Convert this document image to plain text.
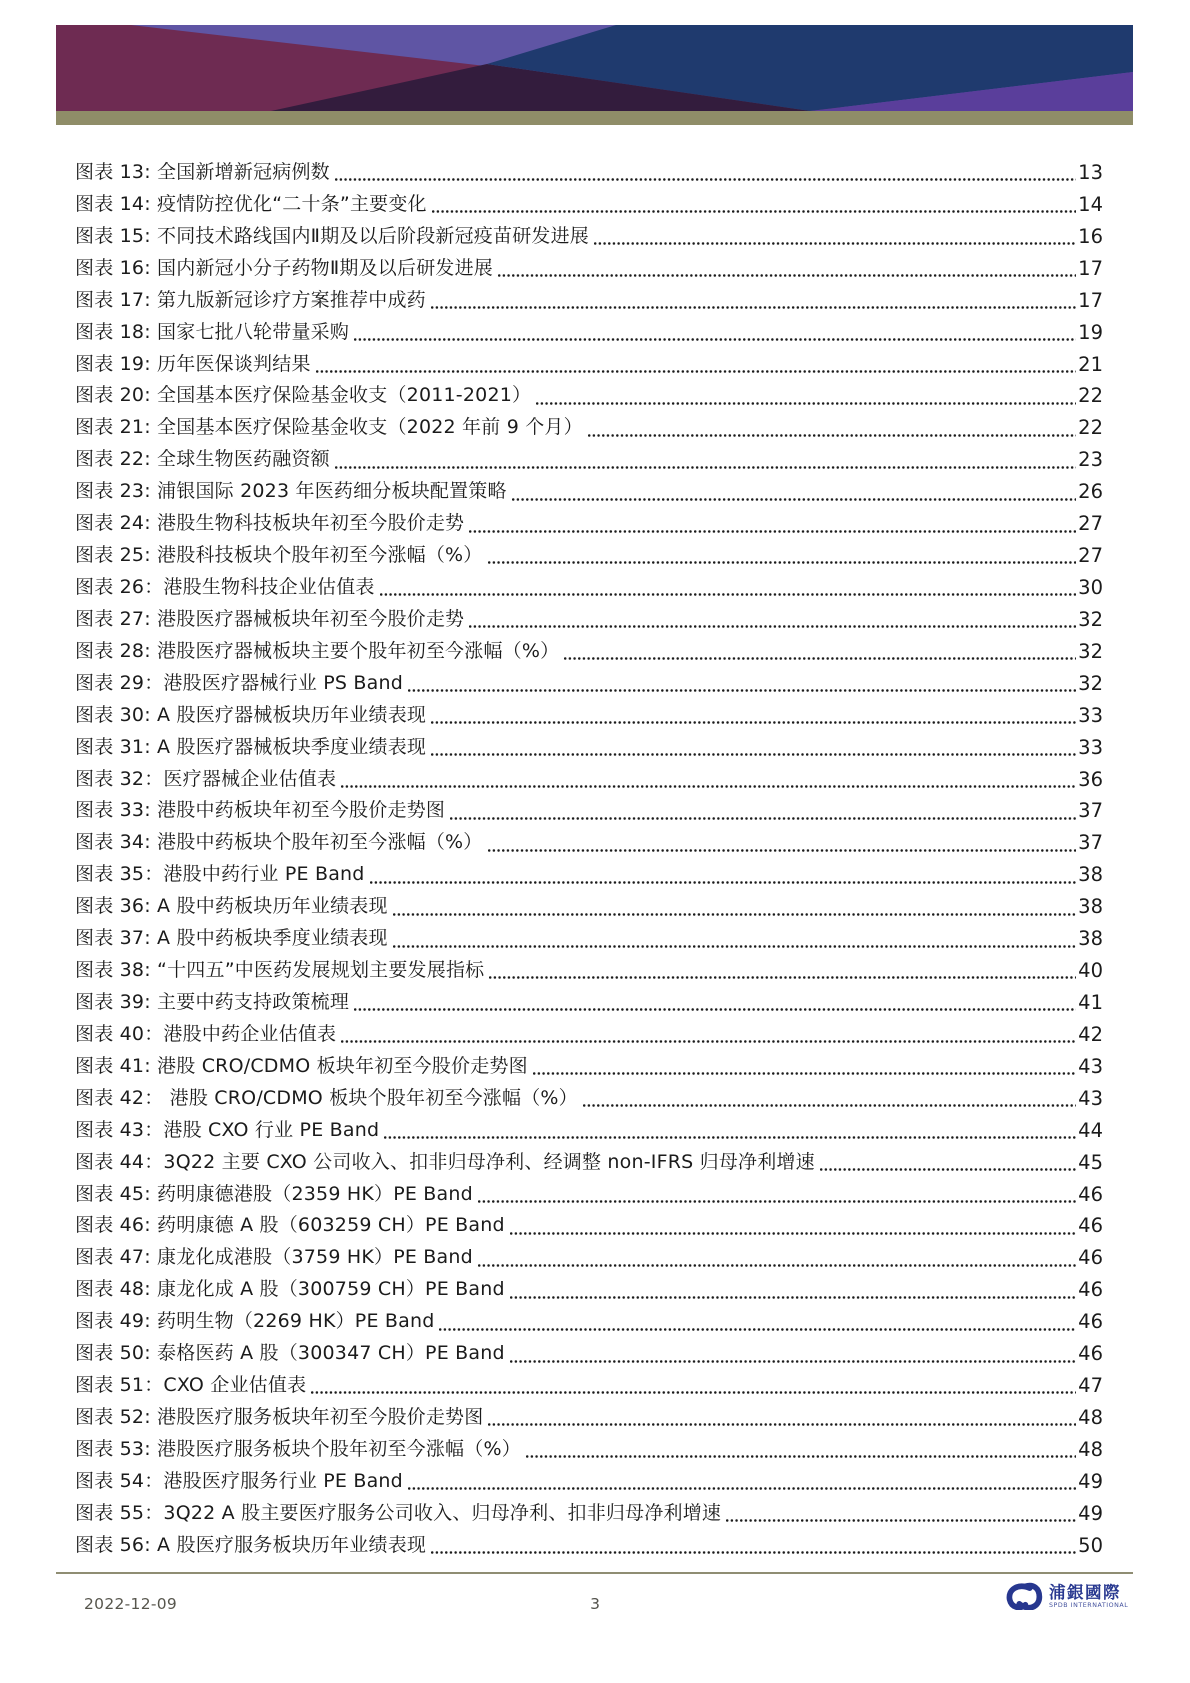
图表 13: 全国新增新冠病例数	13
图表 14: 疫情防控优化“二十条”主要变化	14
图表 15: 不同技术路线国内Ⅱ期及以后阶段新冠疫苗研发进展	16
图表 16: 国内新冠小分子药物Ⅱ期及以后研发进展	17
图表 17: 第九版新冠诊疗方案推荐中成药	17
图表 18: 国家七批八轮带量采购	19
图表 19: 历年医保谈判结果	21
图表 20: 全国基本医疗保险基金收支（2011-2021）	22
图表 21: 全国基本医疗保险基金收支（2022 年前 9 个月）	22
图表 22: 全球生物医药融资额	23
图表 23: 浦银国际 2023 年医药细分板块配置策略	26
图表 24: 港股生物科技板块年初至今股价走势	27
图表 25: 港股科技板块个股年初至今涨幅（%）	27
图表 26：港股生物科技企业估值表	30
图表 27: 港股医疗器械板块年初至今股价走势	32
图表 28: 港股医疗器械板块主要个股年初至今涨幅（%）	32
图表 29：港股医疗器械行业 PS Band	32
图表 30: A 股医疗器械板块历年业绩表现	33
图表 31: A 股医疗器械板块季度业绩表现	33
图表 32：医疗器械企业估值表	36
图表 33: 港股中药板块年初至今股价走势图	37
图表 34: 港股中药板块个股年初至今涨幅（%）	37
图表 35：港股中药行业 PE Band	38
图表 36: A 股中药板块历年业绩表现	38
图表 37: A 股中药板块季度业绩表现	38
图表 38: “十四五”中医药发展规划主要发展指标	40
图表 39: 主要中药支持政策梳理	41
图表 40：港股中药企业估值表	42
图表 41: 港股 CRO/CDMO 板块年初至今股价走势图	43
图表 42： 港股 CRO/CDMO 板块个股年初至今涨幅（%）	43
图表 43：港股 CXO 行业 PE Band	44
图表 44：3Q22 主要 CXO 公司收入、扣非归母净利、经调整 non-IFRS 归母净利增速	45
图表 45: 药明康德港股（2359 HK）PE Band	46
图表 46: 药明康德 A 股（603259 CH）PE Band	46
图表 47: 康龙化成港股（3759 HK）PE Band	46
图表 48: 康龙化成 A 股（300759 CH）PE Band	46
图表 49: 药明生物（2269 HK）PE Band	46
图表 50: 泰格医药 A 股（300347 CH）PE Band	46
图表 51：CXO 企业估值表	47
图表 52: 港股医疗服务板块年初至今股价走势图	48
图表 53: 港股医疗服务板块个股年初至今涨幅（%）	48
图表 54：港股医疗服务行业 PE Band	49
图表 55：3Q22 A 股主要医疗服务公司收入、归母净利、扣非归母净利增速	49
图表 56: A 股医疗服务板块历年业绩表现	50
2022-12-09	3
浦銀國際
SPDB INTERNATIONAL
